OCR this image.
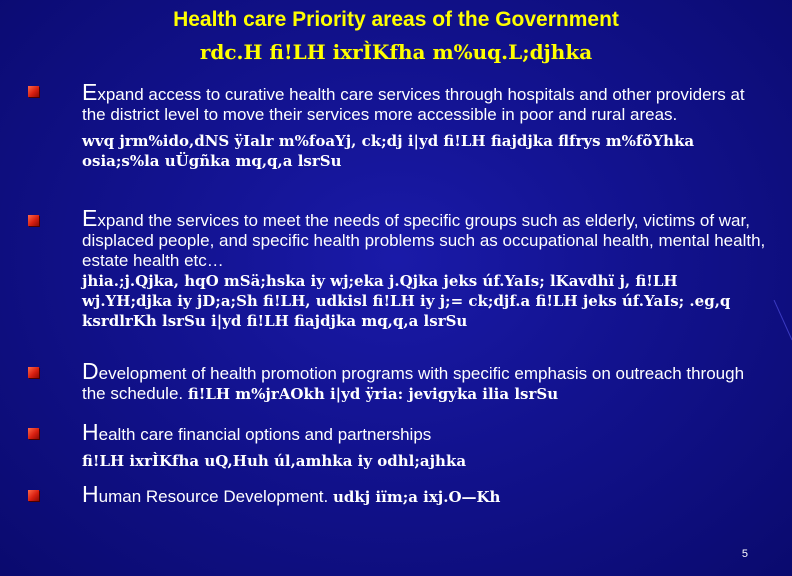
Health care Priority areas of the Government
rdc.H fi!LH ixrÌKfha m%uq.L;djhka
Expand access to curative health care services through hospitals and other providers at the district level to move their services more accessible in poor and rural areas.
wvq jrm%ido,dNS ÿIalr m%foaYj, ck;dj i|yd fi!LH fiajdjka flfrys m%fõYhka osia;s%la uÜgñka mq,q,a lsrSu
Expand the services to meet the needs of specific groups such as elderly, victims of war, displaced people, and specific health problems such as occupational health, mental health, estate health etc…
jhia.;j.Qjka, hqO mSä;hska iy wj;eka j.Qjka jeks úf.YaIs; lKavdhï j, fi!LH wj.YH;djka iy jD;a;Sh fi!LH, udkisl fi!LH iy j;= ck;djf.a fi!LH jeks úf.YaIs; .eg,q ksrdlrKh lsrSu i|yd fi!LH fiajdjka mq,q,a lsrSu
Development of health promotion programs with specific emphasis on outreach through the schedule. fi!LH m%jrAOkh i|yd ÿria: jevigyka ilia lsrSu
Health care financial options and partnerships
fi!LH ixrÌKfha uQ,Huh úl,amhka iy odhl;ajhka
Human Resource Development. udkj iïm;a ixj.O—Kh
5
